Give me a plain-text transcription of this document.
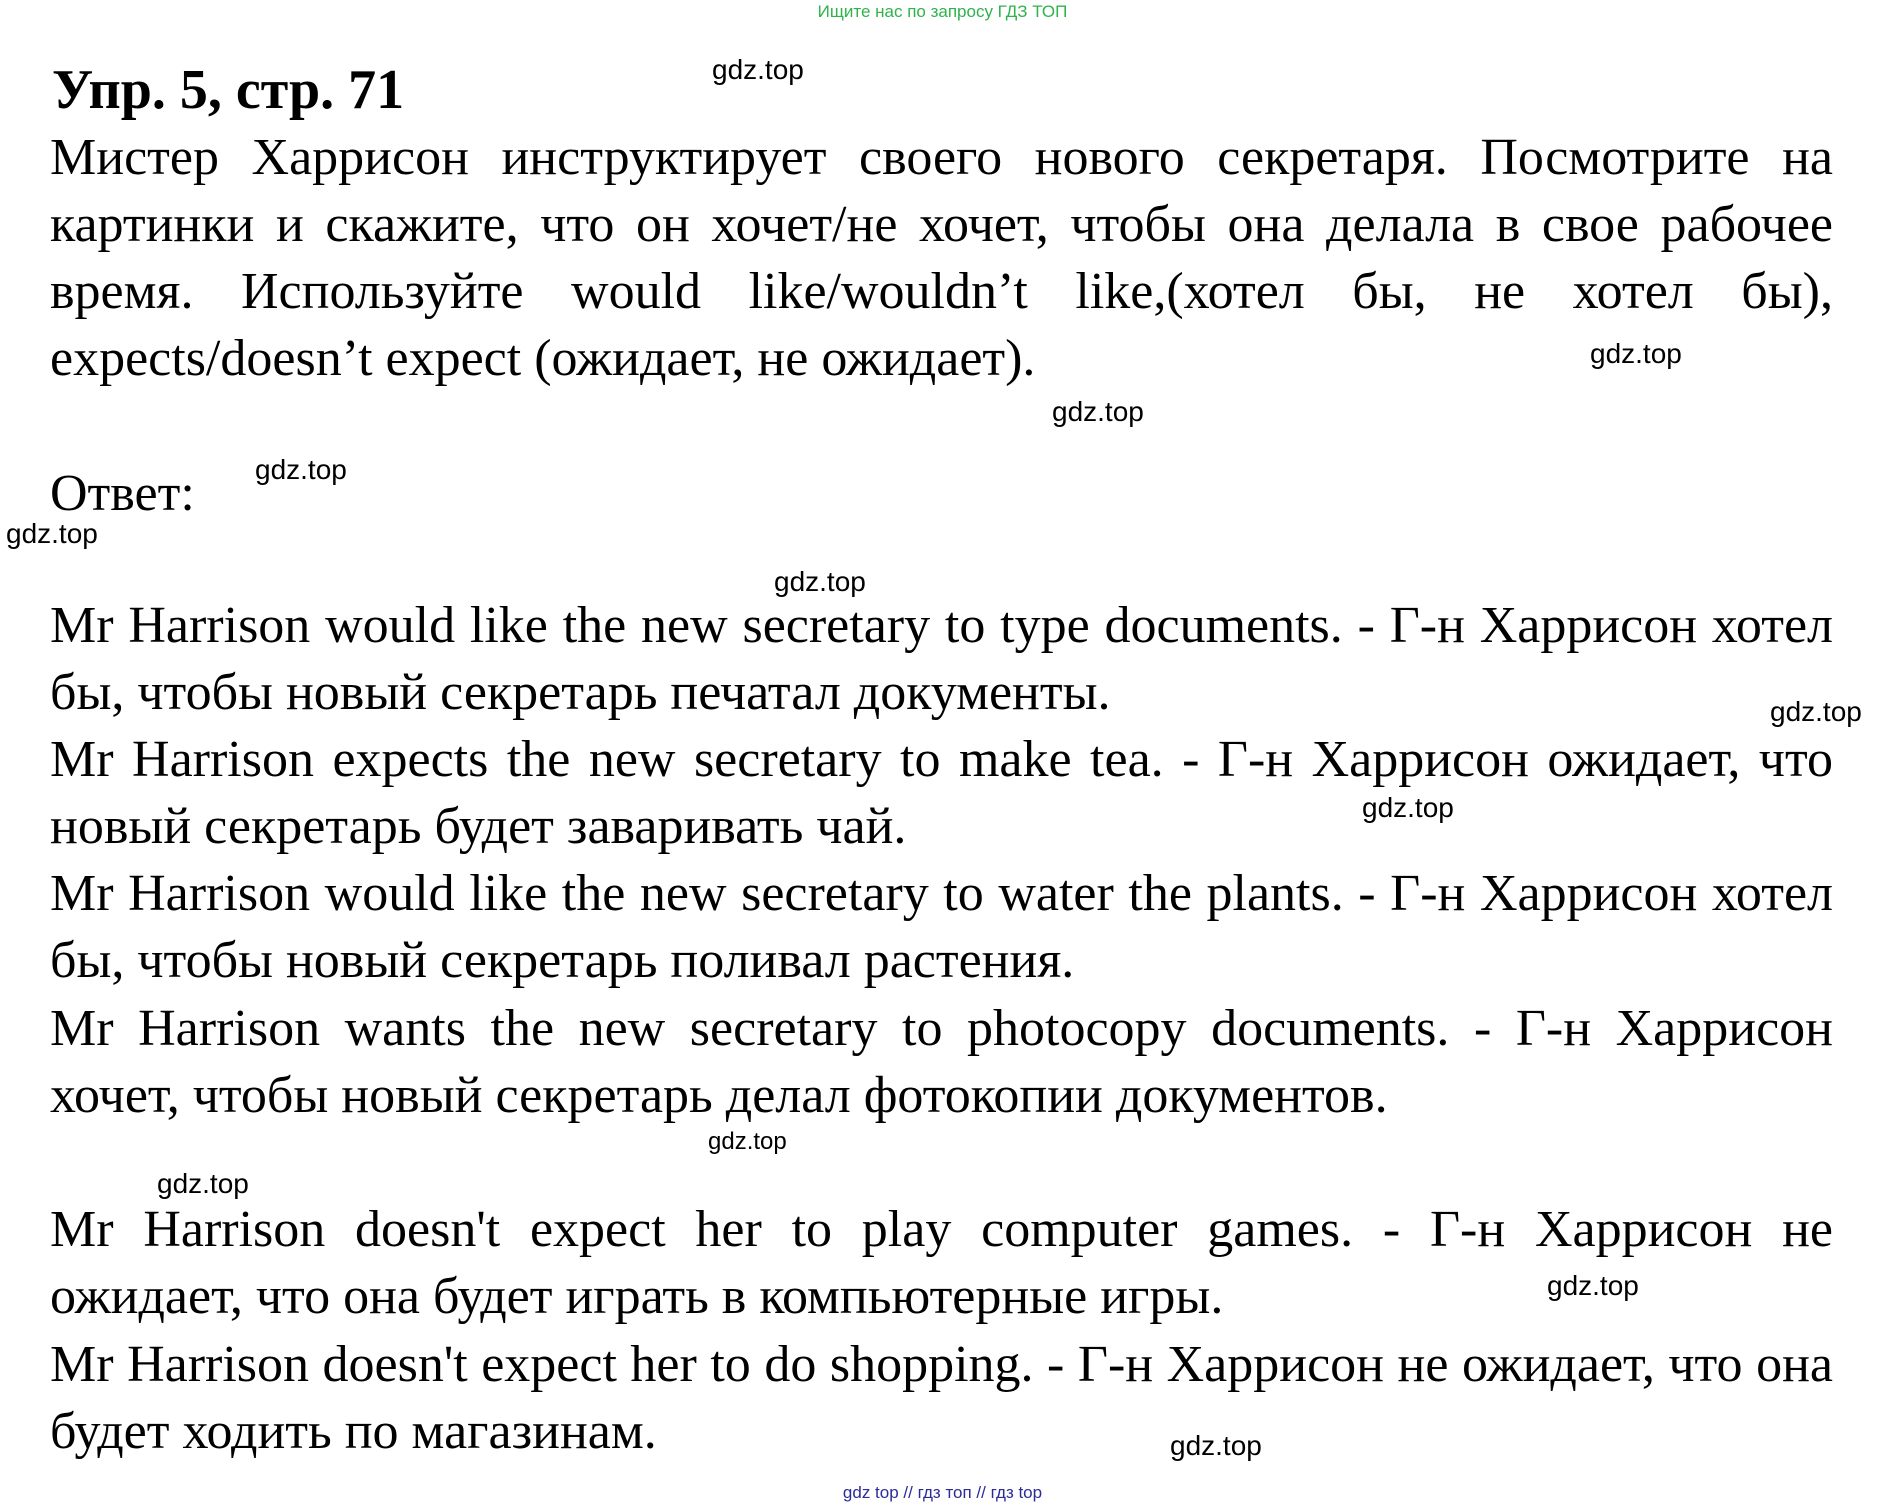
Ищите нас по запросу ГДЗ ТОП
Упр. 5, стр. 71

Мистер Харрисон инструктирует своего нового секретаря. Посмотрите на картинки и скажите, что он хочет/не хочет, чтобы она делала в свое рабочее время. Используйте would like/wouldn’t like,(хотел бы, не хотел бы), expects/doesn’t expect (ожидает, не ожидает).

Ответ:

Mr Harrison would like the new secretary to type documents. - Г-н Харрисон хотел бы, чтобы новый секретарь печатал документы.

Mr Harrison expects the new secretary to make tea. - Г-н Харрисон ожидает, что новый секретарь будет заваривать чай.

Mr Harrison would like the new secretary to water the plants. - Г-н Харрисон хотел бы, чтобы новый секретарь поливал растения.

Mr Harrison wants the new secretary to photocopy documents. - Г-н Харрисон хочет, чтобы новый секретарь делал фотокопии документов.

Mr Harrison doesn't expect her to play computer games. - Г-н Харрисон не ожидает, что она будет играть в компьютерные игры.

Mr Harrison doesn't expect her to do shopping. - Г-н Харрисон не ожидает, что она будет ходить по магазинам.

gdz.top
gdz.top
gdz.top
gdz.top
gdz.top
gdz.top
gdz.top
gdz.top
gdz.top
gdz.top
gdz.top
gdz.top
gdz top // гдз топ // гдз top
